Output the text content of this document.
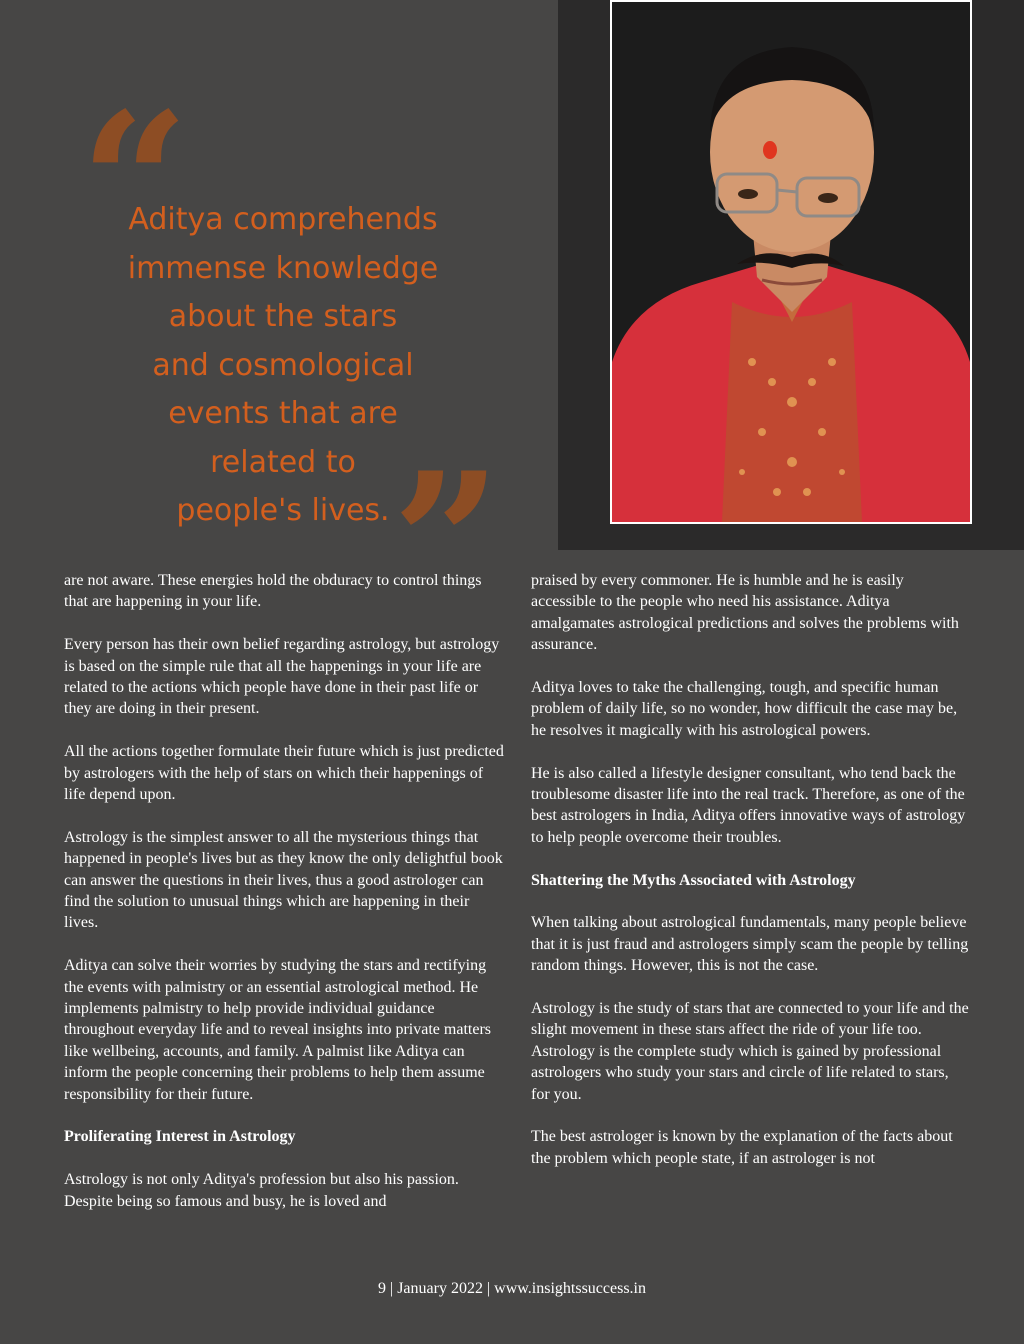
“
Aditya comprehends
immense knowledge
about the stars
and cosmological
events that are
related to
people's lives. ”

are not aware. These energies hold the obduracy to control things that are happening in your life.

Every person has their own belief regarding astrology, but astrology is based on the simple rule that all the happenings in your life are related to the actions which people have done in their past life or they are doing in their present.

All the actions together formulate their future which is just predicted by astrologers with the help of stars on which their happenings of life depend upon.

Astrology is the simplest answer to all the mysterious things that happened in people's lives but as they know the only delightful book can answer the questions in their lives, thus a good astrologer can find the solution to unusual things which are happening in their lives.

Aditya can solve their worries by studying the stars and rectifying the events with palmistry or an essential astrological method. He implements palmistry to help provide individual guidance throughout everyday life and to reveal insights into private matters like wellbeing, accounts, and family. A palmist like Aditya can inform the people concerning their problems to help them assume responsibility for their future.

Proliferating Interest in Astrology

Astrology is not only Aditya's profession but also his passion. Despite being so famous and busy, he is loved and

praised by every commoner. He is humble and he is easily accessible to the people who need his assistance. Aditya amalgamates astrological predictions and solves the problems with assurance.

Aditya loves to take the challenging, tough, and specific human problem of daily life, so no wonder, how difficult the case may be, he resolves it magically with his astrological powers.

He is also called a lifestyle designer consultant, who tend back the troublesome disaster life into the real track. Therefore, as one of the best astrologers in India, Aditya offers innovative ways of astrology to help people overcome their troubles.

Shattering the Myths Associated with Astrology

When talking about astrological fundamentals, many people believe that it is just fraud and astrologers simply scam the people by telling random things. However, this is not the case.

Astrology is the study of stars that are connected to your life and the slight movement in these stars affect the ride of your life too. Astrology is the complete study which is gained by professional astrologers who study your stars and circle of life related to stars, for you.

The best astrologer is known by the explanation of the facts about the problem which people state, if an astrologer is not

9 | January 2022 | www.insightssuccess.in
